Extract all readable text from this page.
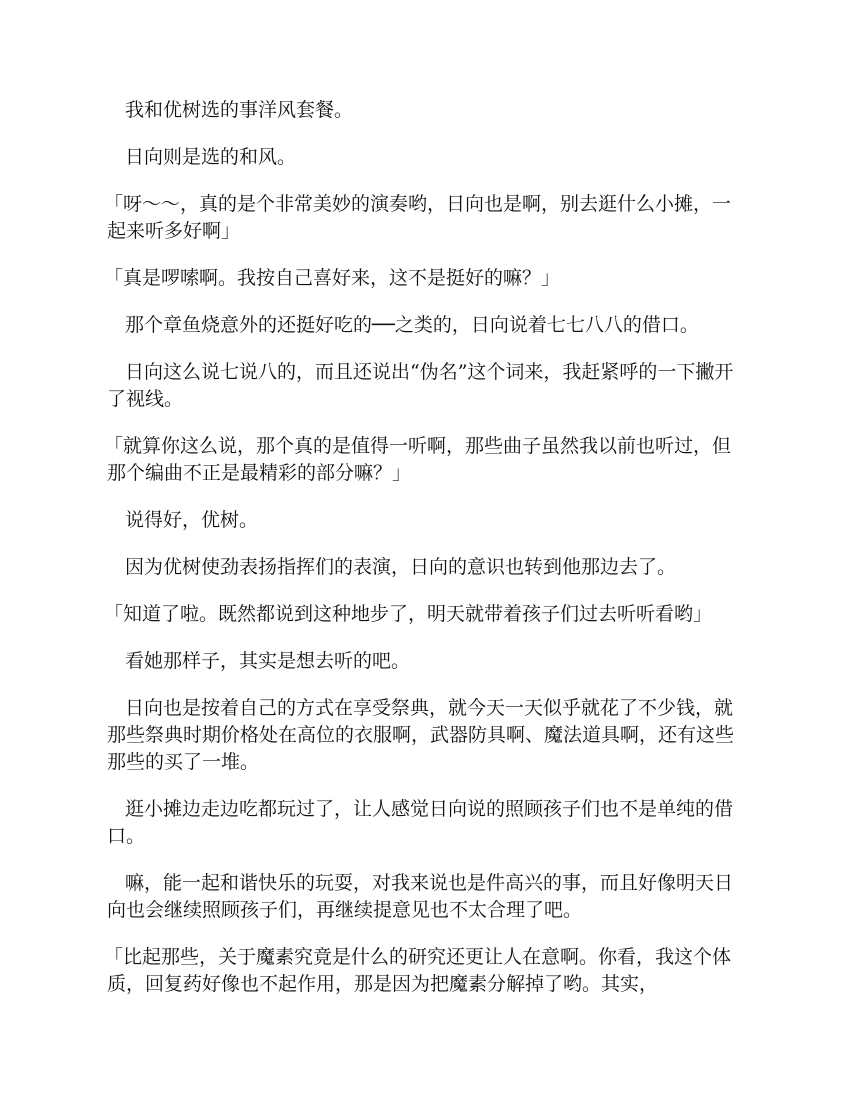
我和优树选的事洋风套餐。

日向则是选的和风。

「呀～～，真的是个非常美妙的演奏哟，日向也是啊，别去逛什么小摊，一起来听多好啊」

「真是啰嗦啊。我按自己喜好来，这不是挺好的嘛？」

那个章鱼烧意外的还挺好吃的──之类的，日向说着七七八八的借口。

日向这么说七说八的，而且还说出“伪名”这个词来，我赶紧呼的一下撇开了视线。

「就算你这么说，那个真的是值得一听啊，那些曲子虽然我以前也听过，但那个编曲不正是最精彩的部分嘛？」

说得好，优树。

因为优树使劲表扬指挥们的表演，日向的意识也转到他那边去了。

「知道了啦。既然都说到这种地步了，明天就带着孩子们过去听听看哟」

看她那样子，其实是想去听的吧。

日向也是按着自己的方式在享受祭典，就今天一天似乎就花了不少钱，就那些祭典时期价格处在高位的衣服啊，武器防具啊、魔法道具啊，还有这些那些的买了一堆。

逛小摊边走边吃都玩过了，让人感觉日向说的照顾孩子们也不是单纯的借口。

嘛，能一起和谐快乐的玩耍，对我来说也是件高兴的事，而且好像明天日向也会继续照顾孩子们，再继续提意见也不太合理了吧。

「比起那些，关于魔素究竟是什么的研究还更让人在意啊。你看，我这个体质，回复药好像也不起作用，那是因为把魔素分解掉了哟。其实，
